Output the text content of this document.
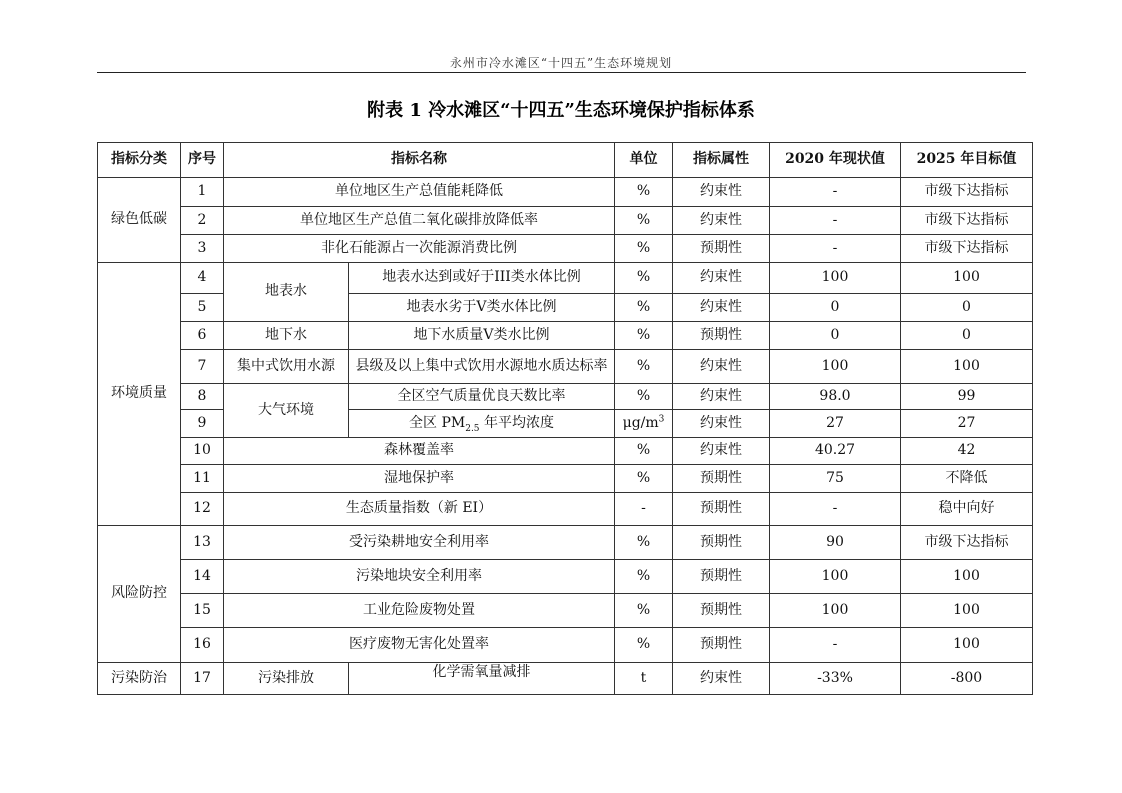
永州市冷水滩区“十四五”生态环境规划
附表 1 冷水滩区“十四五”生态环境保护指标体系
指标分类	序号	指标名称		单位	指标属性	2020 年现状值	2025 年目标值
绿色低碳	1	单位地区生产总值能耗降低		%	约束性	-	市级下达指标
	2	单位地区生产总值二氧化碳排放降低率		%	约束性	-	市级下达指标
	3	非化石能源占一次能源消费比例		%	预期性	-	市级下达指标
环境质量	4	地表水	地表水达到或好于III类水体比例	%	约束性	100	100
	5		地表水劣于V类水体比例	%	约束性	0	0
	6	地下水	地下水质量V类水比例	%	预期性	0	0
	7	集中式饮用水源	县级及以上集中式饮用水源地水质达标率	%	约束性	100	100
	8	大气环境	全区空气质量优良天数比率	%	约束性	98.0	99
	9		全区 $PM_{2.5}$ 年平均浓度	$\mu g/m^3$	约束性	27	27
	10	森林覆盖率		%	约束性	40.27	42
	11	湿地保护率		%	预期性	75	不降低
	12	生态质量指数（新 EI）		-	预期性	-	稳中向好
风险防控	13	受污染耕地安全利用率		%	预期性	90	市级下达指标
	14	污染地块安全利用率		%	预期性	100	100
	15	工业危险废物处置		%	预期性	100	100
	16	医疗废物无害化处置率		%	预期性	-	100
污染防治	17	污染排放	化学需氧量减排	t	约束性	-33%	-800
